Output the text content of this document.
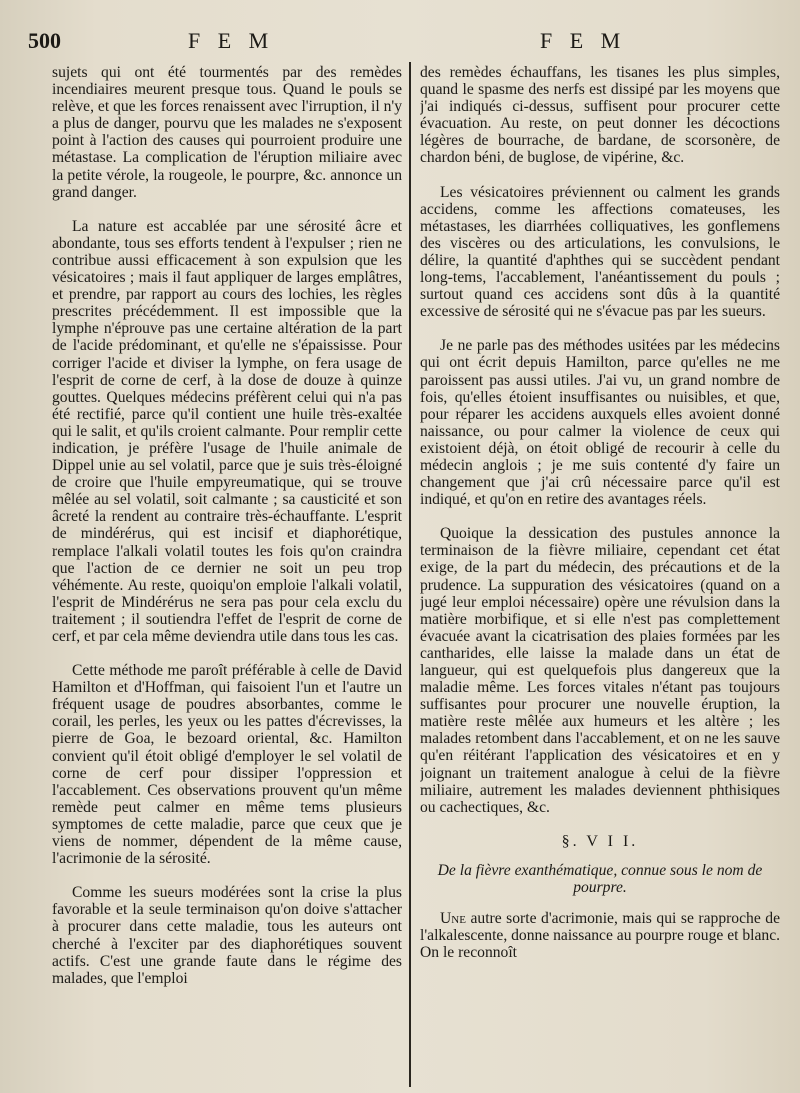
500	F E M	F E M

sujets qui ont été tourmentés par des remèdes incendiaires meurent presque tous. Quand le pouls se relève, et que les forces renaissent avec l'irruption, il n'y a plus de danger, pourvu que les malades ne s'exposent point à l'action des causes qui pourroient produire une métastase. La complication de l'éruption miliaire avec la petite vérole, la rougeole, le pourpre, &c. annonce un grand danger.

La nature est accablée par une sérosité âcre et abondante, tous ses efforts tendent à l'expulser ; rien ne contribue aussi efficacement à son expulsion que les vésicatoires ; mais il faut appliquer de larges emplâtres, et prendre, par rapport au cours des lochies, les règles prescrites précédemment. Il est impossible que la lymphe n'éprouve pas une certaine altération de la part de l'acide prédominant, et qu'elle ne s'épaississe. Pour corriger l'acide et diviser la lymphe, on fera usage de l'esprit de corne de cerf, à la dose de douze à quinze gouttes. Quelques médecins préfèrent celui qui n'a pas été rectifié, parce qu'il contient une huile très-exaltée qui le salit, et qu'ils croient calmante. Pour remplir cette indication, je préfère l'usage de l'huile animale de Dippel unie au sel volatil, parce que je suis très-éloigné de croire que l'huile empyreumatique, qui se trouve mêlée au sel volatil, soit calmante ; sa causticité et son âcreté la rendent au contraire très-échauffante. L'esprit de mindérérus, qui est incisif et diaphorétique, remplace l'alkali volatil toutes les fois qu'on craindra que l'action de ce dernier ne soit un peu trop véhémente. Au reste, quoiqu'on emploie l'alkali volatil, l'esprit de Mindérérus ne sera pas pour cela exclu du traitement ; il soutiendra l'effet de l'esprit de corne de cerf, et par cela même deviendra utile dans tous les cas.

Cette méthode me paroît préférable à celle de David Hamilton et d'Hoffman, qui faisoient l'un et l'autre un fréquent usage de poudres absorbantes, comme le corail, les perles, les yeux ou les pattes d'écrevisses, la pierre de Goa, le bezoard oriental, &c. Hamilton convient qu'il étoit obligé d'employer le sel volatil de corne de cerf pour dissiper l'oppression et l'accablement. Ces observations prouvent qu'un même remède peut calmer en même tems plusieurs symptomes de cette maladie, parce que ceux que je viens de nommer, dépendent de la même cause, l'acrimonie de la sérosité.

Comme les sueurs modérées sont la crise la plus favorable et la seule terminaison qu'on doive s'attacher à procurer dans cette maladie, tous les auteurs ont cherché à l'exciter par des diaphorétiques souvent actifs. C'est une grande faute dans le régime des malades, que l'emploi

des remèdes échauffans, les tisanes les plus simples, quand le spasme des nerfs est dissipé par les moyens que j'ai indiqués ci-dessus, suffisent pour procurer cette évacuation. Au reste, on peut donner les décoctions légères de bourrache, de bardane, de scorsonère, de chardon béni, de buglose, de vipérine, &c.

Les vésicatoires préviennent ou calment les grands accidens, comme les affections comateuses, les métastases, les diarrhées colliquatives, les gonflemens des viscères ou des articulations, les convulsions, le délire, la quantité d'aphthes qui se succèdent pendant long-tems, l'accablement, l'anéantissement du pouls ; surtout quand ces accidens sont dûs à la quantité excessive de sérosité qui ne s'évacue pas par les sueurs.

Je ne parle pas des méthodes usitées par les médecins qui ont écrit depuis Hamilton, parce qu'elles ne me paroissent pas aussi utiles. J'ai vu, un grand nombre de fois, qu'elles étoient insuffisantes ou nuisibles, et que, pour réparer les accidens auxquels elles avoient donné naissance, ou pour calmer la violence de ceux qui existoient déjà, on étoit obligé de recourir à celle du médecin anglois ; je me suis contenté d'y faire un changement que j'ai crû nécessaire parce qu'il est indiqué, et qu'on en retire des avantages réels.

Quoique la dessication des pustules annonce la terminaison de la fièvre miliaire, cependant cet état exige, de la part du médecin, des précautions et de la prudence. La suppuration des vésicatoires (quand on a jugé leur emploi nécessaire) opère une révulsion dans la matière morbifique, et si elle n'est pas complettement évacuée avant la cicatrisation des plaies formées par les cantharides, elle laisse la malade dans un état de langueur, qui est quelquefois plus dangereux que la maladie même. Les forces vitales n'étant pas toujours suffisantes pour procurer une nouvelle éruption, la matière reste mêlée aux humeurs et les altère ; les malades retombent dans l'accablement, et on ne les sauve qu'en réitérant l'application des vésicatoires et en y joignant un traitement analogue à celui de la fièvre miliaire, autrement les malades deviennent phthisiques ou cachectiques, &c.

§. V I I.
De la fièvre exanthématique, connue sous le nom de pourpre.

Une autre sorte d'acrimonie, mais qui se rapproche de l'alkalescente, donne naissance au pourpre rouge et blanc. On le reconnoît
